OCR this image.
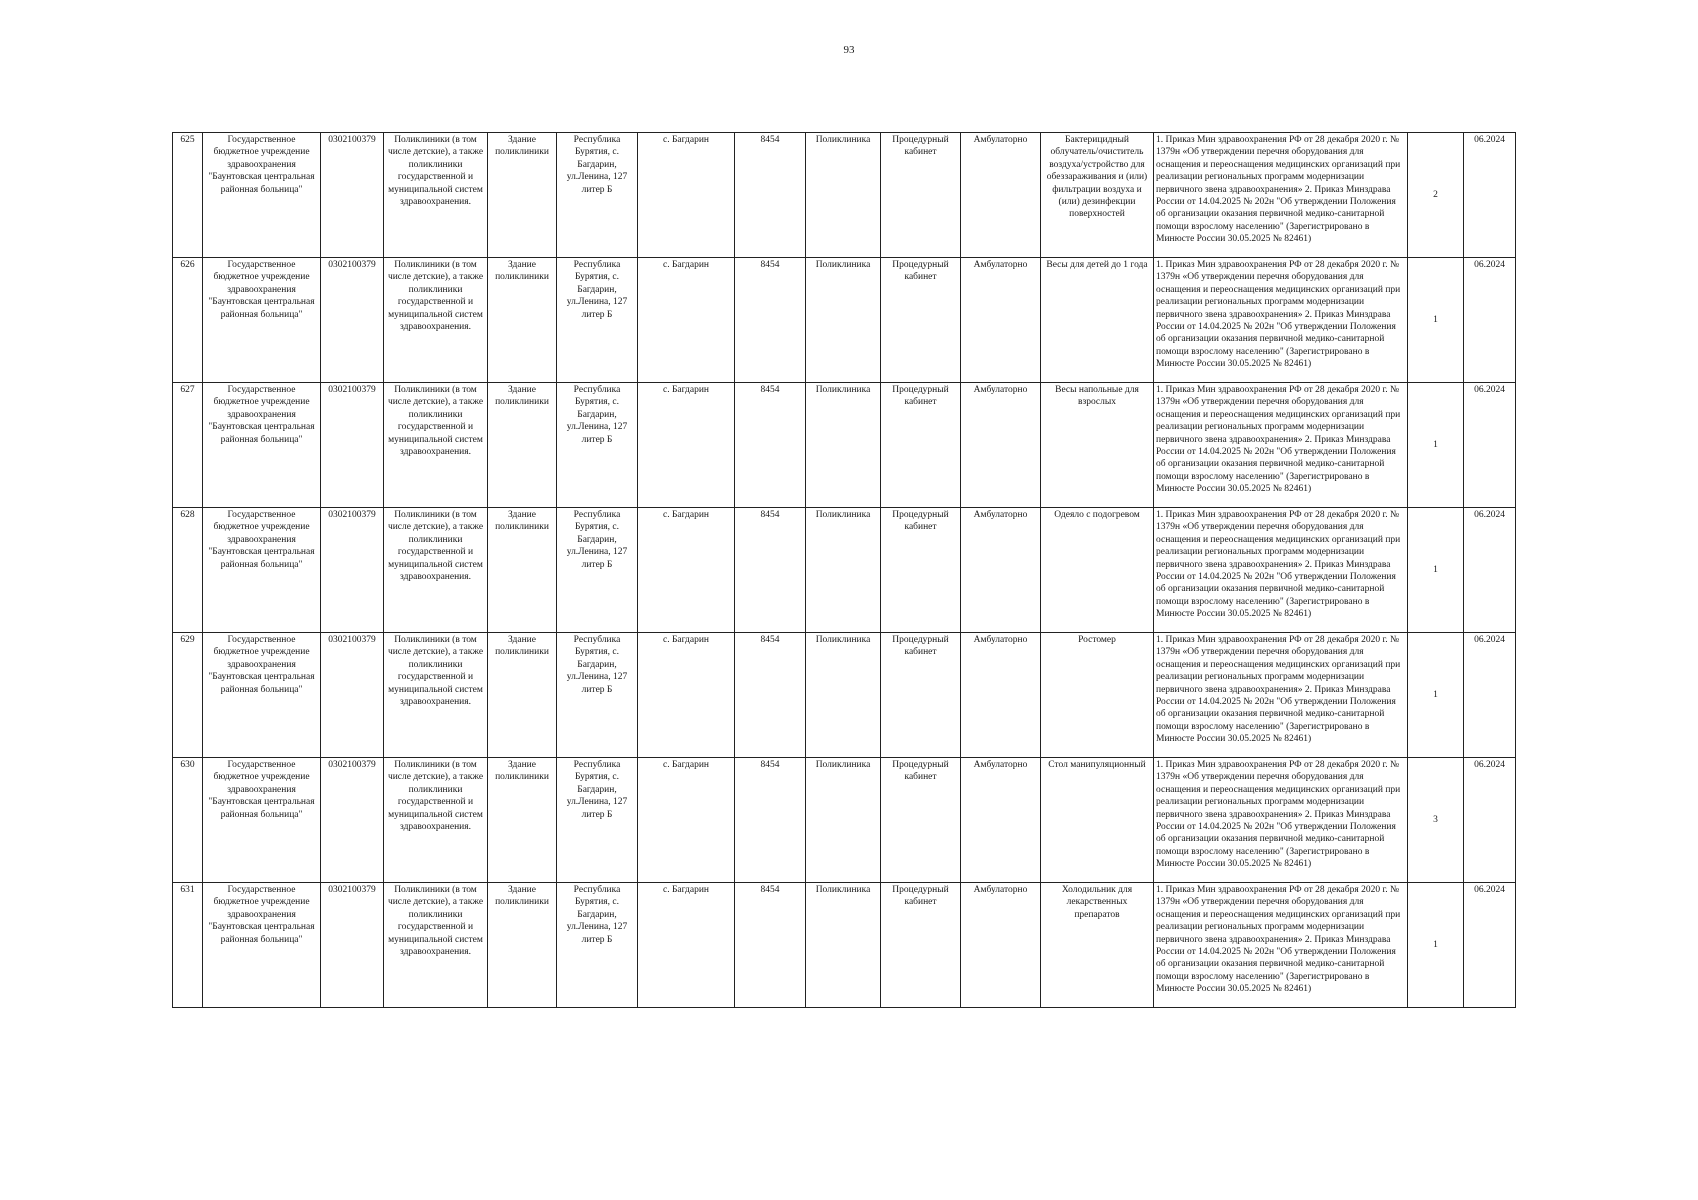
93
625	Государственное бюджетное учреждение здравоохранения "Баунтовская центральная районная больница"	0302100379	Поликлиники (в том числе детские), а также поликлиники государственной и муниципальной систем здравоохранения.	Здание поликлиники	Республика Бурятия, с. Багдарин, ул.Ленина, 127 литер Б	с. Багдарин	8454	Поликлиника	Процедурный кабинет	Амбулаторно	Бактерицидный облучатель/очиститель воздуха/устройство для обеззараживания и (или) фильтрации воздуха и (или) дезинфекции поверхностей	1. Приказ Мин здравоохранения РФ от 28 декабря 2020 г. № 1379н «Об утверждении перечня оборудования для оснащения и переоснащения медицинских организаций при реализации региональных программ модернизации первичного звена здравоохранения» 2. Приказ Минздрава России от 14.04.2025 № 202н "Об утверждении Положения об организации оказания первичной медико-санитарной помощи взрослому населению" (Зарегистрировано в Минюсте России 30.05.2025 № 82461)	2	06.2024
626	Государственное бюджетное учреждение здравоохранения "Баунтовская центральная районная больница"	0302100379	Поликлиники (в том числе детские), а также поликлиники государственной и муниципальной систем здравоохранения.	Здание поликлиники	Республика Бурятия, с. Багдарин, ул.Ленина, 127 литер Б	с. Багдарин	8454	Поликлиника	Процедурный кабинет	Амбулаторно	Весы для детей до 1 года	1. Приказ Мин здравоохранения РФ от 28 декабря 2020 г. № 1379н «Об утверждении перечня оборудования для оснащения и переоснащения медицинских организаций при реализации региональных программ модернизации первичного звена здравоохранения» 2. Приказ Минздрава России от 14.04.2025 № 202н "Об утверждении Положения об организации оказания первичной медико-санитарной помощи взрослому населению" (Зарегистрировано в Минюсте России 30.05.2025 № 82461)	1	06.2024
627	Государственное бюджетное учреждение здравоохранения "Баунтовская центральная районная больница"	0302100379	Поликлиники (в том числе детские), а также поликлиники государственной и муниципальной систем здравоохранения.	Здание поликлиники	Республика Бурятия, с. Багдарин, ул.Ленина, 127 литер Б	с. Багдарин	8454	Поликлиника	Процедурный кабинет	Амбулаторно	Весы напольные для взрослых	1. Приказ Мин здравоохранения РФ от 28 декабря 2020 г. № 1379н «Об утверждении перечня оборудования для оснащения и переоснащения медицинских организаций при реализации региональных программ модернизации первичного звена здравоохранения» 2. Приказ Минздрава России от 14.04.2025 № 202н "Об утверждении Положения об организации оказания первичной медико-санитарной помощи взрослому населению" (Зарегистрировано в Минюсте России 30.05.2025 № 82461)	1	06.2024
628	Государственное бюджетное учреждение здравоохранения "Баунтовская центральная районная больница"	0302100379	Поликлиники (в том числе детские), а также поликлиники государственной и муниципальной систем здравоохранения.	Здание поликлиники	Республика Бурятия, с. Багдарин, ул.Ленина, 127 литер Б	с. Багдарин	8454	Поликлиника	Процедурный кабинет	Амбулаторно	Одеяло с подогревом	1. Приказ Мин здравоохранения РФ от 28 декабря 2020 г. № 1379н «Об утверждении перечня оборудования для оснащения и переоснащения медицинских организаций при реализации региональных программ модернизации первичного звена здравоохранения» 2. Приказ Минздрава России от 14.04.2025 № 202н "Об утверждении Положения об организации оказания первичной медико-санитарной помощи взрослому населению" (Зарегистрировано в Минюсте России 30.05.2025 № 82461)	1	06.2024
629	Государственное бюджетное учреждение здравоохранения "Баунтовская центральная районная больница"	0302100379	Поликлиники (в том числе детские), а также поликлиники государственной и муниципальной систем здравоохранения.	Здание поликлиники	Республика Бурятия, с. Багдарин, ул.Ленина, 127 литер Б	с. Багдарин	8454	Поликлиника	Процедурный кабинет	Амбулаторно	Ростомер	1. Приказ Мин здравоохранения РФ от 28 декабря 2020 г. № 1379н «Об утверждении перечня оборудования для оснащения и переоснащения медицинских организаций при реализации региональных программ модернизации первичного звена здравоохранения» 2. Приказ Минздрава России от 14.04.2025 № 202н "Об утверждении Положения об организации оказания первичной медико-санитарной помощи взрослому населению" (Зарегистрировано в Минюсте России 30.05.2025 № 82461)	1	06.2024
630	Государственное бюджетное учреждение здравоохранения "Баунтовская центральная районная больница"	0302100379	Поликлиники (в том числе детские), а также поликлиники государственной и муниципальной систем здравоохранения.	Здание поликлиники	Республика Бурятия, с. Багдарин, ул.Ленина, 127 литер Б	с. Багдарин	8454	Поликлиника	Процедурный кабинет	Амбулаторно	Стол манипуляционный	1. Приказ Мин здравоохранения РФ от 28 декабря 2020 г. № 1379н «Об утверждении перечня оборудования для оснащения и переоснащения медицинских организаций при реализации региональных программ модернизации первичного звена здравоохранения» 2. Приказ Минздрава России от 14.04.2025 № 202н "Об утверждении Положения об организации оказания первичной медико-санитарной помощи взрослому населению" (Зарегистрировано в Минюсте России 30.05.2025 № 82461)	3	06.2024
631	Государственное бюджетное учреждение здравоохранения "Баунтовская центральная районная больница"	0302100379	Поликлиники (в том числе детские), а также поликлиники государственной и муниципальной систем здравоохранения.	Здание поликлиники	Республика Бурятия, с. Багдарин, ул.Ленина, 127 литер Б	с. Багдарин	8454	Поликлиника	Процедурный кабинет	Амбулаторно	Холодильник для лекарственных препаратов	1. Приказ Мин здравоохранения РФ от 28 декабря 2020 г. № 1379н «Об утверждении перечня оборудования для оснащения и переоснащения медицинских организаций при реализации региональных программ модернизации первичного звена здравоохранения» 2. Приказ Минздрава России от 14.04.2025 № 202н "Об утверждении Положения об организации оказания первичной медико-санитарной помощи взрослому населению" (Зарегистрировано в Минюсте России 30.05.2025 № 82461)	1	06.2024
